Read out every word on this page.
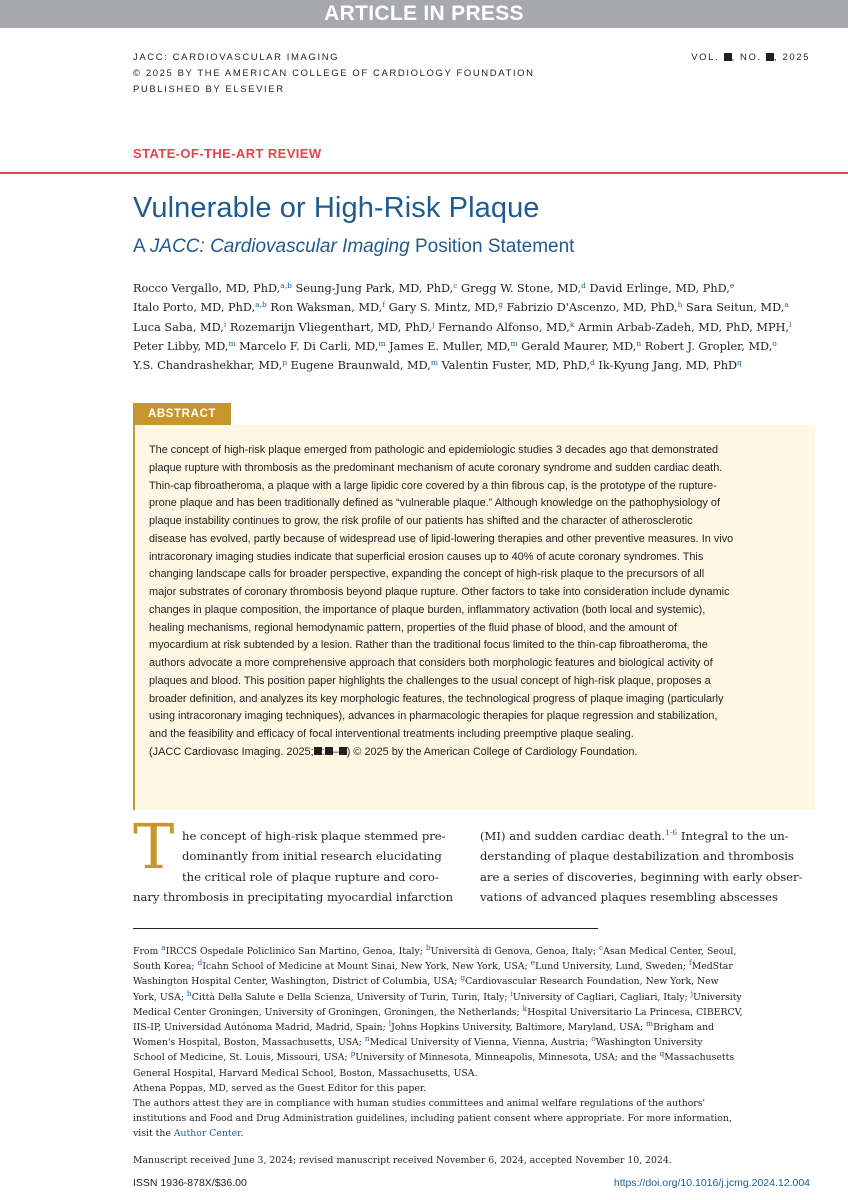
ARTICLE IN PRESS
JACC: CARDIOVASCULAR IMAGING
© 2025 BY THE AMERICAN COLLEGE OF CARDIOLOGY FOUNDATION
PUBLISHED BY ELSEVIER
VOL. , NO. , 2025
STATE-OF-THE-ART REVIEW
Vulnerable or High-Risk Plaque
A JACC: Cardiovascular Imaging Position Statement
Rocco Vergallo, MD, PhD,$^{a,b}$ Seung-Jung Park, MD, PhD,$^c$ Gregg W. Stone, MD,$^d$ David Erlinge, MD, PhD,$^e$
Italo Porto, MD, PhD,$^{a,b}$ Ron Waksman, MD,$^f$ Gary S. Mintz, MD,$^g$ Fabrizio D'Ascenzo, MD, PhD,$^h$ Sara Seitun, MD,$^a$
Luca Saba, MD,$^i$ Rozemarijn Vliegenthart, MD, PhD,$^j$ Fernando Alfonso, MD,$^k$ Armin Arbab-Zadeh, MD, PhD, MPH,$^l$
Peter Libby, MD,$^m$ Marcelo F. Di Carli, MD,$^m$ James E. Muller, MD,$^m$ Gerald Maurer, MD,$^n$ Robert J. Gropler, MD,$^o$
Y.S. Chandrashekhar, MD,$^p$ Eugene Braunwald, MD,$^m$ Valentin Fuster, MD, PhD,$^d$ Ik-Kyung Jang, MD, PhD$^q$
ABSTRACT
The concept of high-risk plaque emerged from pathologic and epidemiologic studies 3 decades ago that demonstrated
plaque rupture with thrombosis as the predominant mechanism of acute coronary syndrome and sudden cardiac death.
Thin-cap fibroatheroma, a plaque with a large lipidic core covered by a thin fibrous cap, is the prototype of the rupture-
prone plaque and has been traditionally defined as “vulnerable plaque.” Although knowledge on the pathophysiology of
plaque instability continues to grow, the risk profile of our patients has shifted and the character of atherosclerotic
disease has evolved, partly because of widespread use of lipid-lowering therapies and other preventive measures. In vivo
intracoronary imaging studies indicate that superficial erosion causes up to 40% of acute coronary syndromes. This
changing landscape calls for broader perspective, expanding the concept of high-risk plaque to the precursors of all
major substrates of coronary thrombosis beyond plaque rupture. Other factors to take into consideration include dynamic
changes in plaque composition, the importance of plaque burden, inflammatory activation (both local and systemic),
healing mechanisms, regional hemodynamic pattern, properties of the fluid phase of blood, and the amount of
myocardium at risk subtended by a lesion. Rather than the traditional focus limited to the thin-cap fibroatheroma, the
authors advocate a more comprehensive approach that considers both morphologic features and biological activity of
plaques and blood. This position paper highlights the challenges to the usual concept of high-risk plaque, proposes a
broader definition, and analyzes its key morphologic features, the technological progress of plaque imaging (particularly
using intracoronary imaging techniques), advances in pharmacologic therapies for plaque regression and stabilization,
and the feasibility and efficacy of focal interventional treatments including preemptive plaque sealing.
(JACC Cardiovasc Imaging. 2025; : – ) © 2025 by the American College of Cardiology Foundation.
T he concept of high-risk plaque stemmed pre-
dominantly from initial research elucidating
the critical role of plaque rupture and coro-
nary thrombosis in precipitating myocardial infarction
(MI) and sudden cardiac death.$^{1-6}$ Integral to the un-
derstanding of plaque destabilization and thrombosis
are a series of discoveries, beginning with early obser-
vations of advanced plaques resembling abscesses
From $^a$IRCCS Ospedale Policlinico San Martino, Genoa, Italy; $^b$Università di Genova, Genoa, Italy; $^c$Asan Medical Center, Seoul,
South Korea; $^d$Icahn School of Medicine at Mount Sinai, New York, New York, USA; $^e$Lund University, Lund, Sweden; $^f$MedStar
Washington Hospital Center, Washington, District of Columbia, USA; $^g$Cardiovascular Research Foundation, New York, New
York, USA; $^h$Città Della Salute e Della Scienza, University of Turin, Turin, Italy; $^i$University of Cagliari, Cagliari, Italy; $^j$University
Medical Center Groningen, University of Groningen, Groningen, the Netherlands; $^k$Hospital Universitario La Princesa, CIBERCV,
IIS-IP, Universidad Autónoma Madrid, Madrid, Spain; $^l$Johns Hopkins University, Baltimore, Maryland, USA; $^m$Brigham and
Women's Hospital, Boston, Massachusetts, USA; $^n$Medical University of Vienna, Vienna, Austria; $^o$Washington University
School of Medicine, St. Louis, Missouri, USA; $^p$University of Minnesota, Minneapolis, Minnesota, USA; and the $^q$Massachusetts
General Hospital, Harvard Medical School, Boston, Massachusetts, USA.
Athena Poppas, MD, served as the Guest Editor for this paper.
The authors attest they are in compliance with human studies committees and animal welfare regulations of the authors'
institutions and Food and Drug Administration guidelines, including patient consent where appropriate. For more information,
visit the Author Center.
Manuscript received June 3, 2024; revised manuscript received November 6, 2024, accepted November 10, 2024.
ISSN 1936-878X/$36.00	https://doi.org/10.1016/j.jcmg.2024.12.004
